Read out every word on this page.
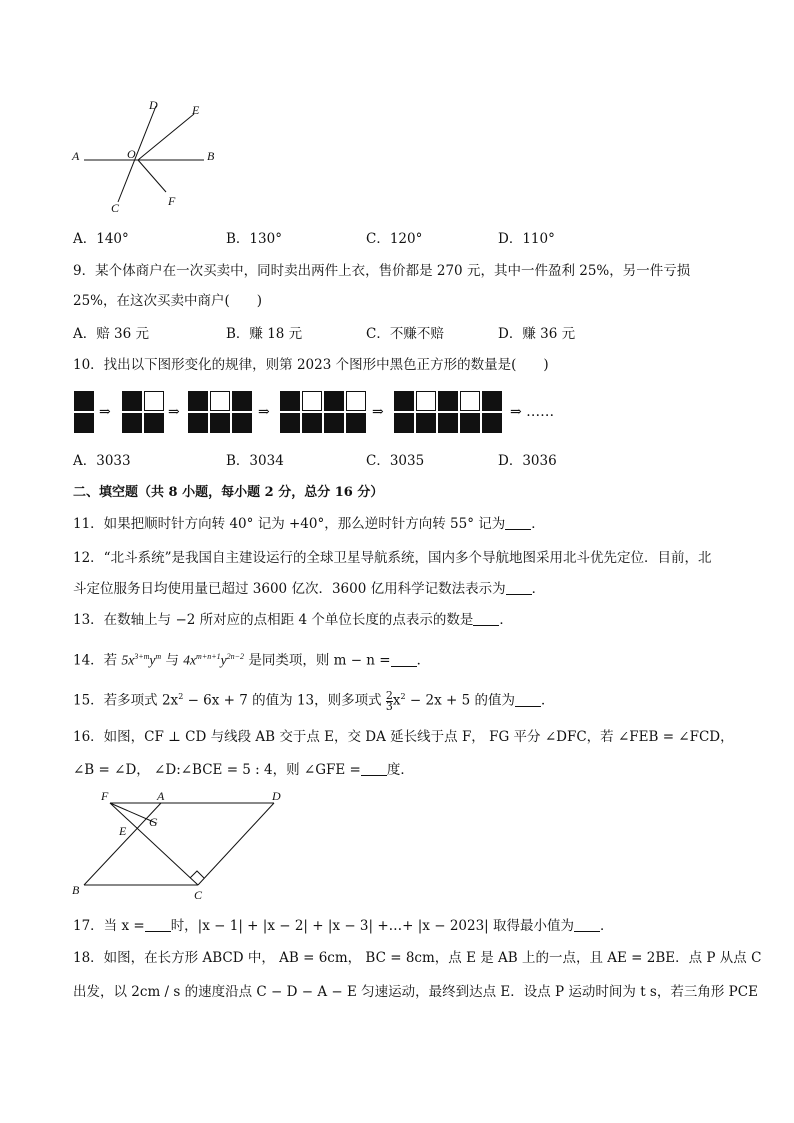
D	E
A	O	B
C	F
A．140°	B．130°	C．120°	D．110°
9．某个体商户在一次买卖中，同时卖出两件上衣，售价都是 270 元，其中一件盈利 25%，另一件亏损
25%，在这次买卖中商户(　　)
A．赔 36 元	B．赚 18 元	C．不赚不赔	D．赚 36 元
10．找出以下图形变化的规律，则第 2023 个图形中黑色正方形的数量是(　　)
⇒	⇒	⇒	⇒	⇒ ……
A．3033	B．3034	C．3035	D．3036
二、填空题（共 8 小题，每小题 2 分，总分 16 分）
11．如果把顺时针方向转 40° 记为 +40°，那么逆时针方向转 55° 记为 ．
12．“北斗系统”是我国自主建设运行的全球卫星导航系统，国内多个导航地图采用北斗优先定位．目前，北
斗定位服务日均使用量已超过 3600 亿次．3600 亿用科学记数法表示为 ．
13．在数轴上与 −2 所对应的点相距 4 个单位长度的点表示的数是 ．
14．若 $5x^{3+m}y^m$ 与 $4x^{m+n+1}y^{2n-2}$ 是同类项，则 m − n = ．
15．若多项式 $2x^2 - 6x + 7$ 的值为 13，则多项式 $\frac{2}{3} x^2 - 2x + 5$ 的值为 ．
16．如图，CF ⊥ CD 与线段 AB 交于点 E，交 DA 延长线于点 F， FG 平分 ∠DFC，若 ∠FEB = ∠FCD，
∠B = ∠D， ∠D:∠BCE = 5 : 4，则 ∠GFE = 度．
F	A	D
G
E
B	C
17．当 x = 时，|x − 1| + |x − 2| + |x − 3| +…+ |x − 2023| 取得最小值为 ．
18．如图，在长方形 ABCD 中， AB = 6cm， BC = 8cm，点 E 是 AB 上的一点，且 AE = 2BE．点 P 从点 C
出发，以 2cm / s 的速度沿点 C − D − A − E 匀速运动，最终到达点 E．设点 P 运动时间为 t s，若三角形 PCE
